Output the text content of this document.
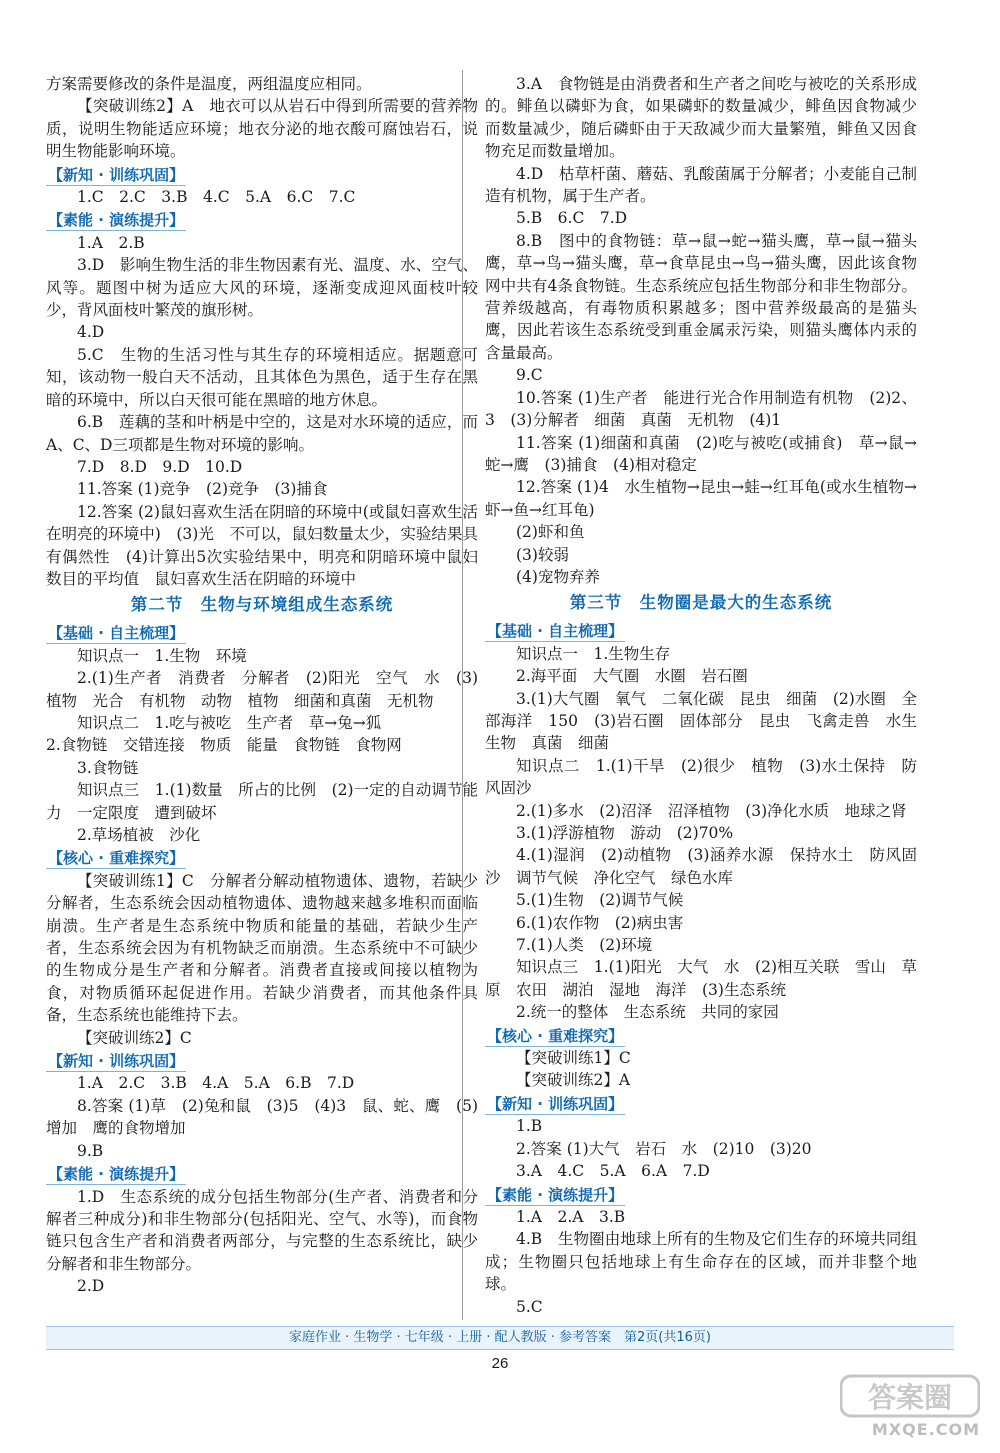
方案需要修改的条件是温度，两组温度应相同。
【突破训练2】A　地衣可以从岩石中得到所需要的营养物质，说明生物能适应环境；地衣分泌的地衣酸可腐蚀岩石，说明生物能影响环境。
【新知 · 训练巩固】
1.C　2.C　3.B　4.C　5.A　6.C　7.C
【素能 · 演练提升】
1.A　2.B
3.D　影响生物生活的非生物因素有光、温度、水、空气、风等。题图中树为适应大风的环境，逐渐变成迎风面枝叶较少，背风面枝叶繁茂的旗形树。
4.D
5.C　生物的生活习性与其生存的环境相适应。据题意可知，该动物一般白天不活动，且其体色为黑色，适于生存在黑暗的环境中，所以白天很可能在黑暗的地方休息。
6.B　莲藕的茎和叶柄是中空的，这是对水环境的适应，而A、C、D三项都是生物对环境的影响。
7.D　8.D　9.D　10.D
11.答案 (1)竞争　(2)竞争　(3)捕食
12.答案 (2)鼠妇喜欢生活在阴暗的环境中(或鼠妇喜欢生活在明亮的环境中)　(3)光　不可以，鼠妇数量太少，实验结果具有偶然性　(4)计算出5次实验结果中，明亮和阴暗环境中鼠妇数目的平均值　鼠妇喜欢生活在阴暗的环境中
第二节　生物与环境组成生态系统
【基础 · 自主梳理】
知识点一　1.生物　环境
2.(1)生产者　消费者　分解者　(2)阳光　空气　水　(3)植物　光合　有机物　动物　植物　细菌和真菌　无机物
知识点二　1.吃与被吃　生产者　草→兔→狐
2.食物链　交错连接　物质　能量　食物链　食物网
3.食物链
知识点三　1.(1)数量　所占的比例　(2)一定的自动调节能力　一定限度　遭到破坏
2.草场植被　沙化
【核心 · 重难探究】
【突破训练1】C　分解者分解动植物遗体、遗物，若缺少分解者，生态系统会因动植物遗体、遗物越来越多堆积而面临崩溃。生产者是生态系统中物质和能量的基础，若缺少生产者，生态系统会因为有机物缺乏而崩溃。生态系统中不可缺少的生物成分是生产者和分解者。消费者直接或间接以植物为食，对物质循环起促进作用。若缺少消费者，而其他条件具备，生态系统也能维持下去。
【突破训练2】C
【新知 · 训练巩固】
1.A　2.C　3.B　4.A　5.A　6.B　7.D
8.答案 (1)草　(2)兔和鼠　(3)5　(4)3　鼠、蛇、鹰　(5)增加　鹰的食物增加
9.B
【素能 · 演练提升】
1.D　生态系统的成分包括生物部分(生产者、消费者和分解者三种成分)和非生物部分(包括阳光、空气、水等)，而食物链只包含生产者和消费者两部分，与完整的生态系统比，缺少分解者和非生物部分。
2.D
3.A　食物链是由消费者和生产者之间吃与被吃的关系形成的。鲱鱼以磷虾为食，如果磷虾的数量减少，鲱鱼因食物减少而数量减少，随后磷虾由于天敌减少而大量繁殖，鲱鱼又因食物充足而数量增加。
4.D　枯草杆菌、蘑菇、乳酸菌属于分解者；小麦能自己制造有机物，属于生产者。
5.B　6.C　7.D
8.B　图中的食物链：草→鼠→蛇→猫头鹰，草→鼠→猫头鹰，草→鸟→猫头鹰，草→食草昆虫→鸟→猫头鹰，因此该食物网中共有4条食物链。生态系统应包括生物部分和非生物部分。营养级越高，有毒物质积累越多；图中营养级最高的是猫头鹰，因此若该生态系统受到重金属汞污染，则猫头鹰体内汞的含量最高。
9.C
10.答案 (1)生产者　能进行光合作用制造有机物　(2)2、3　(3)分解者　细菌　真菌　无机物　(4)1
11.答案 (1)细菌和真菌　(2)吃与被吃(或捕食)　草→鼠→蛇→鹰　(3)捕食　(4)相对稳定
12.答案 (1)4　水生植物→昆虫→蛙→红耳龟(或水生植物→虾→鱼→红耳龟)
(2)虾和鱼
(3)较弱
(4)宠物弃养
第三节　生物圈是最大的生态系统
【基础 · 自主梳理】
知识点一　1.生物生存
2.海平面　大气圈　水圈　岩石圈
3.(1)大气圈　氧气　二氧化碳　昆虫　细菌　(2)水圈　全部海洋　150　(3)岩石圈　固体部分　昆虫　飞禽走兽　水生生物　真菌　细菌
知识点二　1.(1)干旱　(2)很少　植物　(3)水土保持　防风固沙
2.(1)多水　(2)沼泽　沼泽植物　(3)净化水质　地球之肾
3.(1)浮游植物　游动　(2)70%
4.(1)湿润　(2)动植物　(3)涵养水源　保持水土　防风固沙　调节气候　净化空气　绿色水库
5.(1)生物　(2)调节气候
6.(1)农作物　(2)病虫害
7.(1)人类　(2)环境
知识点三　1.(1)阳光　大气　水　(2)相互关联　雪山　草原　农田　湖泊　湿地　海洋　(3)生态系统
2.统一的整体　生态系统　共同的家园
【核心 · 重难探究】
【突破训练1】C
【突破训练2】A
【新知 · 训练巩固】
1.B
2.答案 (1)大气　岩石　水　(2)10　(3)20
3.A　4.C　5.A　6.A　7.D
【素能 · 演练提升】
1.A　2.A　3.B
4.B　生物圈由地球上所有的生物及它们生存的环境共同组成；生物圈只包括地球上有生命存在的区域，而并非整个地球。
5.C
家庭作业 · 生物学 · 七年级 · 上册 · 配人教版 · 参考答案　第2页(共16页)
26
答案圈
MXQE.COM
